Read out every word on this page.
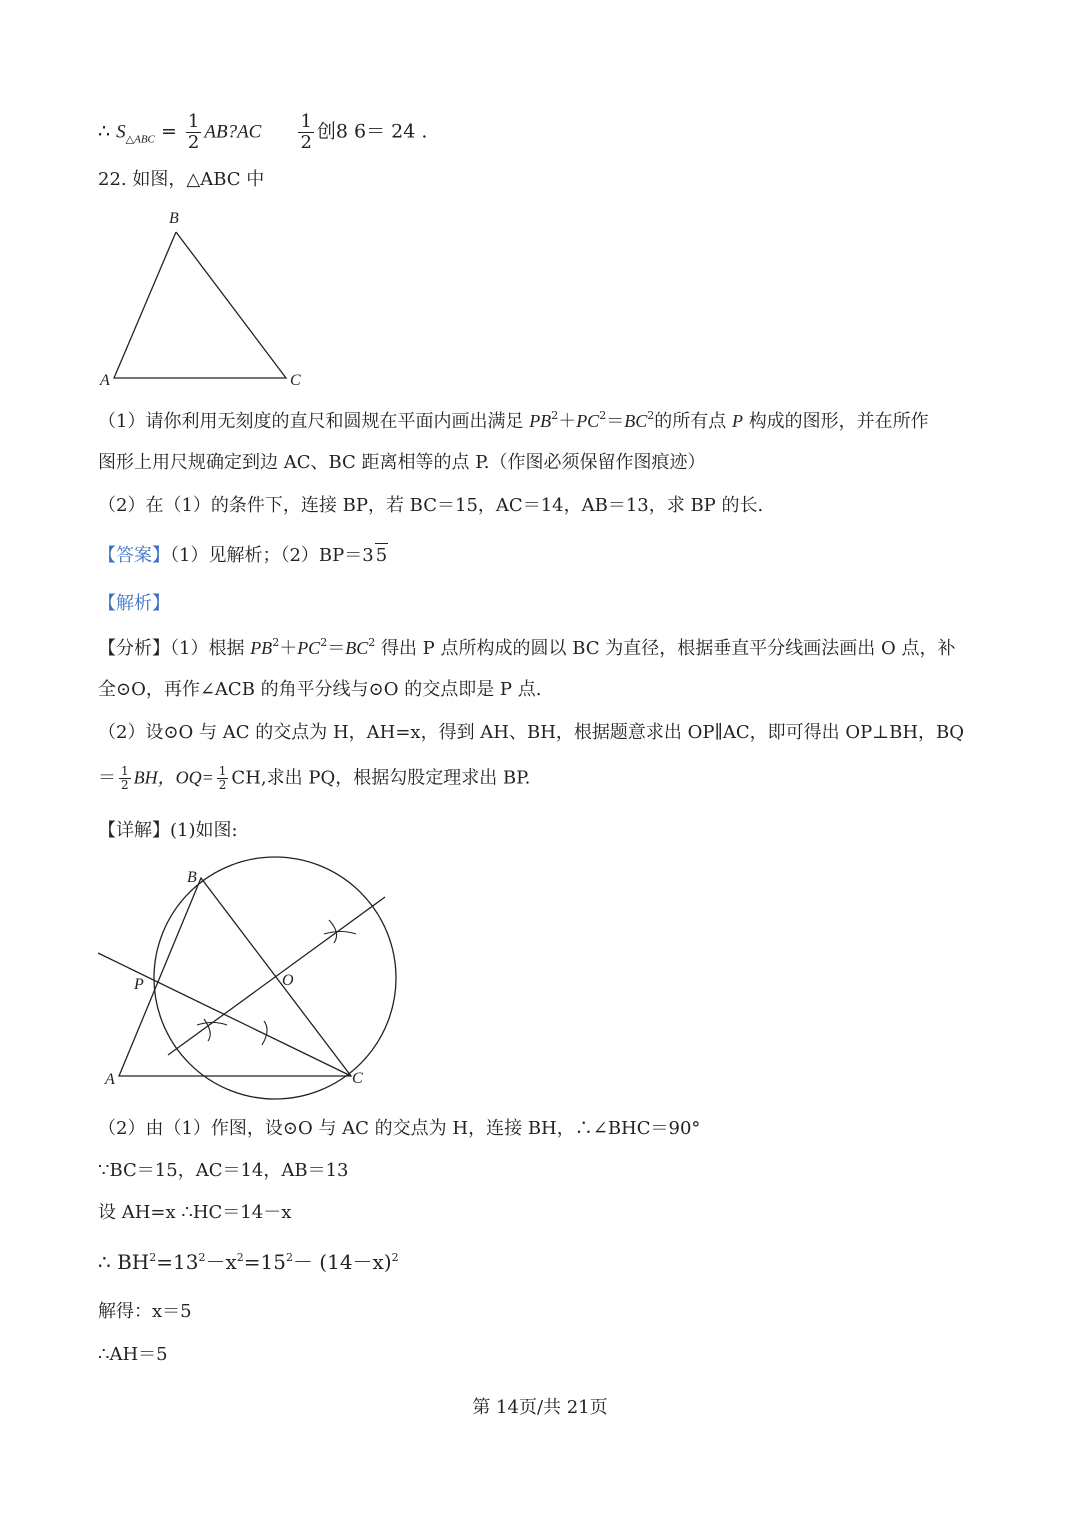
∴ $S_{\triangle ABC} = \frac{1}{2}$ AB?AC $\frac{1}{2}$ 创8 6＝ 24 .
22. 如图，△ABC 中
B
A	C
（1）请你利用无刻度的直尺和圆规在平面内画出满足 $PB^2+PC^2=BC^2$的所有点 P 构成的图形，并在所作
图形上用尺规确定到边 AC、BC 距离相等的点 P.（作图必须保留作图痕迹）
（2）在（1）的条件下，连接 BP，若 BC＝15，AC＝14，AB＝13，求 BP 的长.
【答案】（1）见解析；（2）BP＝3 5
【解析】
【分析】（1）根据 $PB^2+PC^2=BC^2$ 得出 P 点所构成的圆以 BC 为直径，根据垂直平分线画法画出 O 点，补
全⊙O，再作∠ACB 的角平分线与⊙O 的交点即是 P 点.
（2）设⊙O 与 AC 的交点为 H，AH=x，得到 AH、BH，根据题意求出 OP∥AC，即可得出 OP⊥BH，BQ
＝ $\frac{1}{2}$ BH，$OQ= \frac{1}{2}$ CH,求出 PQ，根据勾股定理求出 BP.
【详解】(1)如图:
B
A	C
O
P
（2）由（1）作图，设⊙O 与 AC 的交点为 H，连接 BH，∴∠BHC＝90°
∵BC＝15，AC＝14，AB＝13
设 AH=x ∴HC＝14－x
∴ $BH^2=13^2-x^2=15^2- (14-x)^2$
解得：x＝5
∴AH＝5
第 14页/共 21页
